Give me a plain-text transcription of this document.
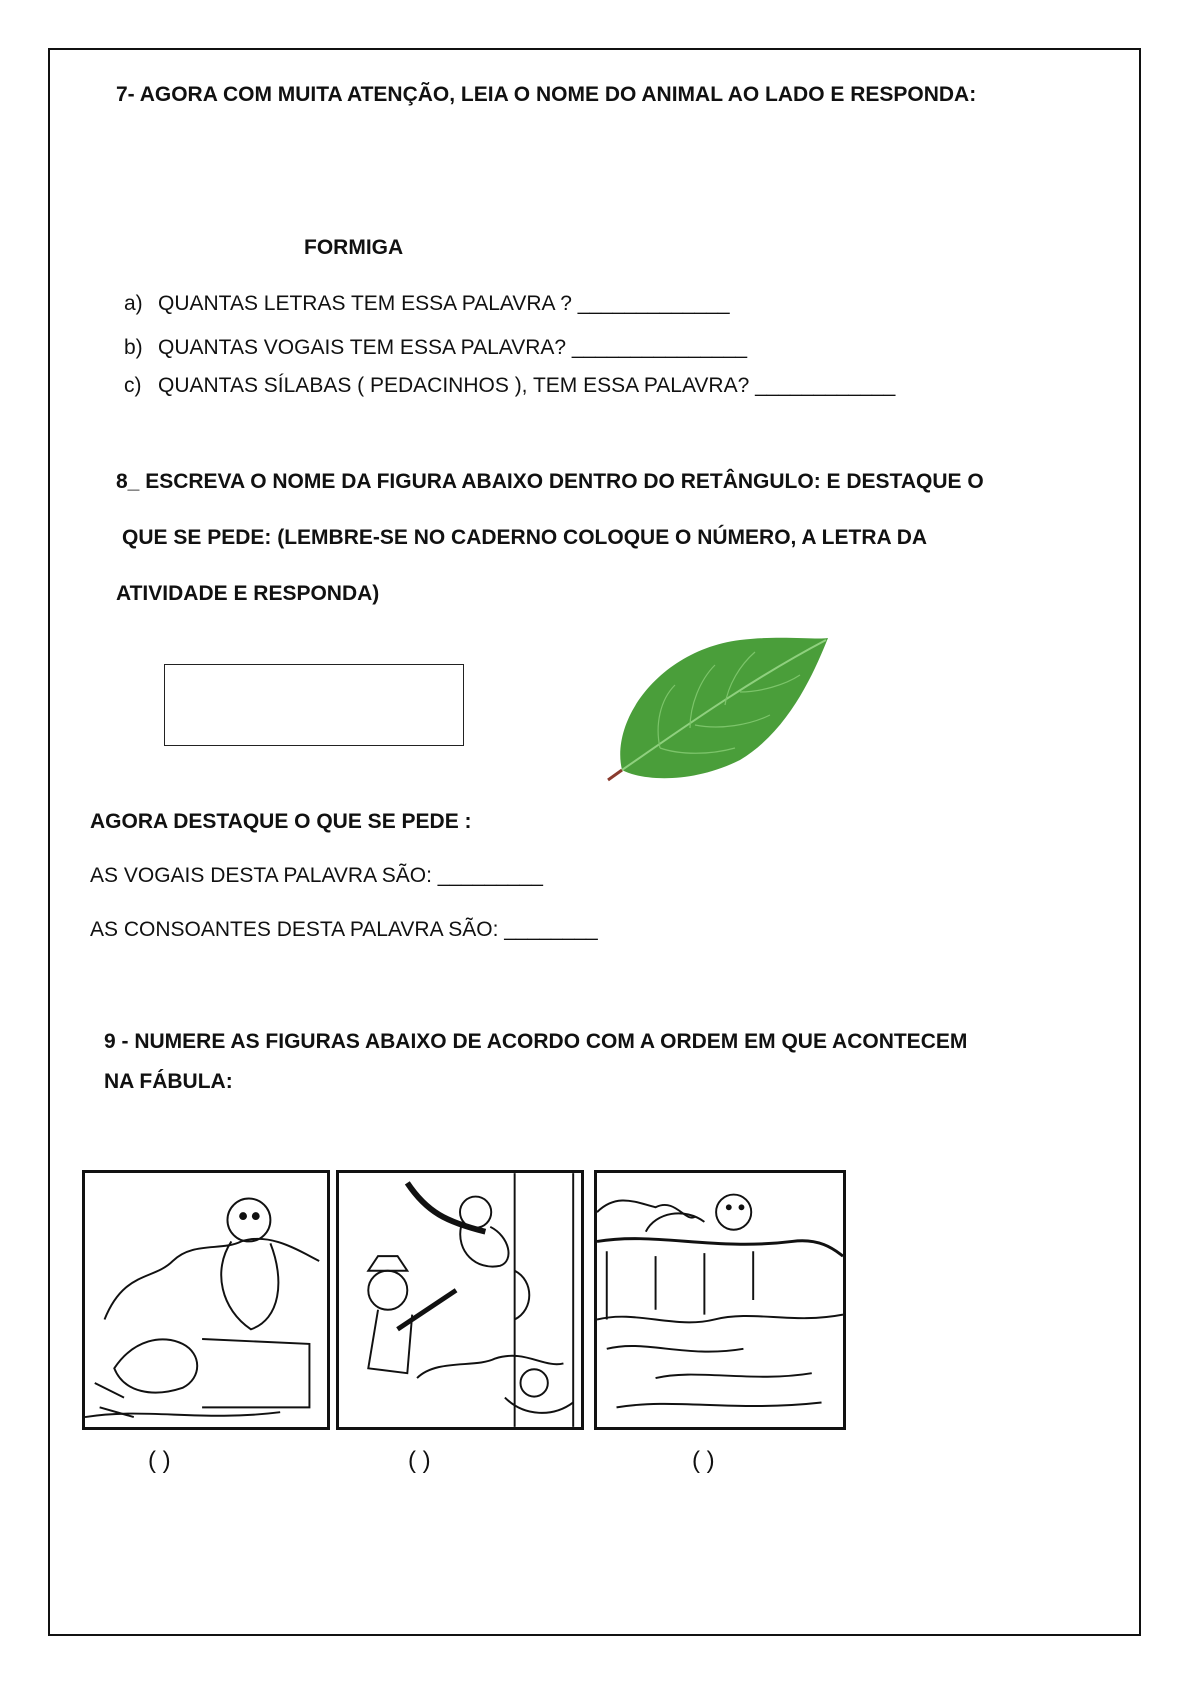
7- AGORA COM MUITA ATENÇÃO, LEIA O NOME DO ANIMAL AO LADO E RESPONDA:
FORMIGA
a) QUANTAS LETRAS TEM ESSA PALAVRA ? _____________
b) QUANTAS VOGAIS TEM ESSA PALAVRA? _______________
c) QUANTAS SÍLABAS ( PEDACINHOS ), TEM ESSA PALAVRA? ____________
8_ ESCREVA O NOME DA FIGURA ABAIXO DENTRO DO RETÂNGULO: E DESTAQUE O
QUE SE PEDE: (LEMBRE-SE NO CADERNO COLOQUE O NÚMERO, A LETRA DA
ATIVIDADE E RESPONDA)
AGORA DESTAQUE O QUE SE PEDE :
AS VOGAIS DESTA PALAVRA SÃO: _________
AS CONSOANTES DESTA PALAVRA SÃO: ________
9 - NUMERE AS FIGURAS ABAIXO DE ACORDO COM A ORDEM EM QUE ACONTECEM
NA FÁBULA:
( )	( )	( )
